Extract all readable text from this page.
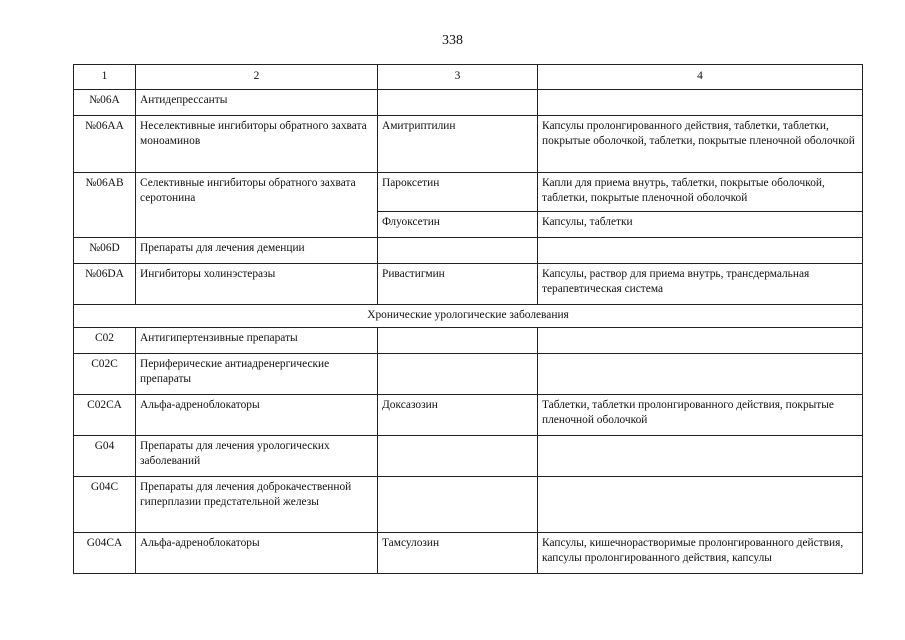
338
1	2	3	4
№06A	Антидепрессанты		
№06AA	Неселективные ингибиторы обратного захвата моноаминов	Амитриптилин	Капсулы пролонгированного действия, таблетки, таблетки, покрытые оболочкой, таблетки, покрытые пленочной оболочкой
№06AB	Селективные ингибиторы обратного захвата серотонина	Пароксетин	Капли для приема внутрь, таблетки, покрытые оболочкой, таблетки, покрытые пленочной оболочкой
		Флуоксетин	Капсулы, таблетки
№06D	Препараты для лечения деменции		
№06DA	Ингибиторы холинэстеразы	Ривастигмин	Капсулы, раствор для приема внутрь, трансдермальная терапевтическая система
Хронические урологические заболевания			
C02	Антигипертензивные препараты		
C02C	Периферические антиадренергические препараты		
C02CA	Альфа-адреноблокаторы	Доксазозин	Таблетки, таблетки пролонгированного действия, покрытые пленочной оболочкой
G04	Препараты для лечения урологических заболеваний		
G04C	Препараты для лечения доброкачественной гиперплазии предстательной железы		
G04CA	Альфа-адреноблокаторы	Тамсулозин	Капсулы, кишечнорастворимые пролонгированного действия, капсулы пролонгированного действия, капсулы
